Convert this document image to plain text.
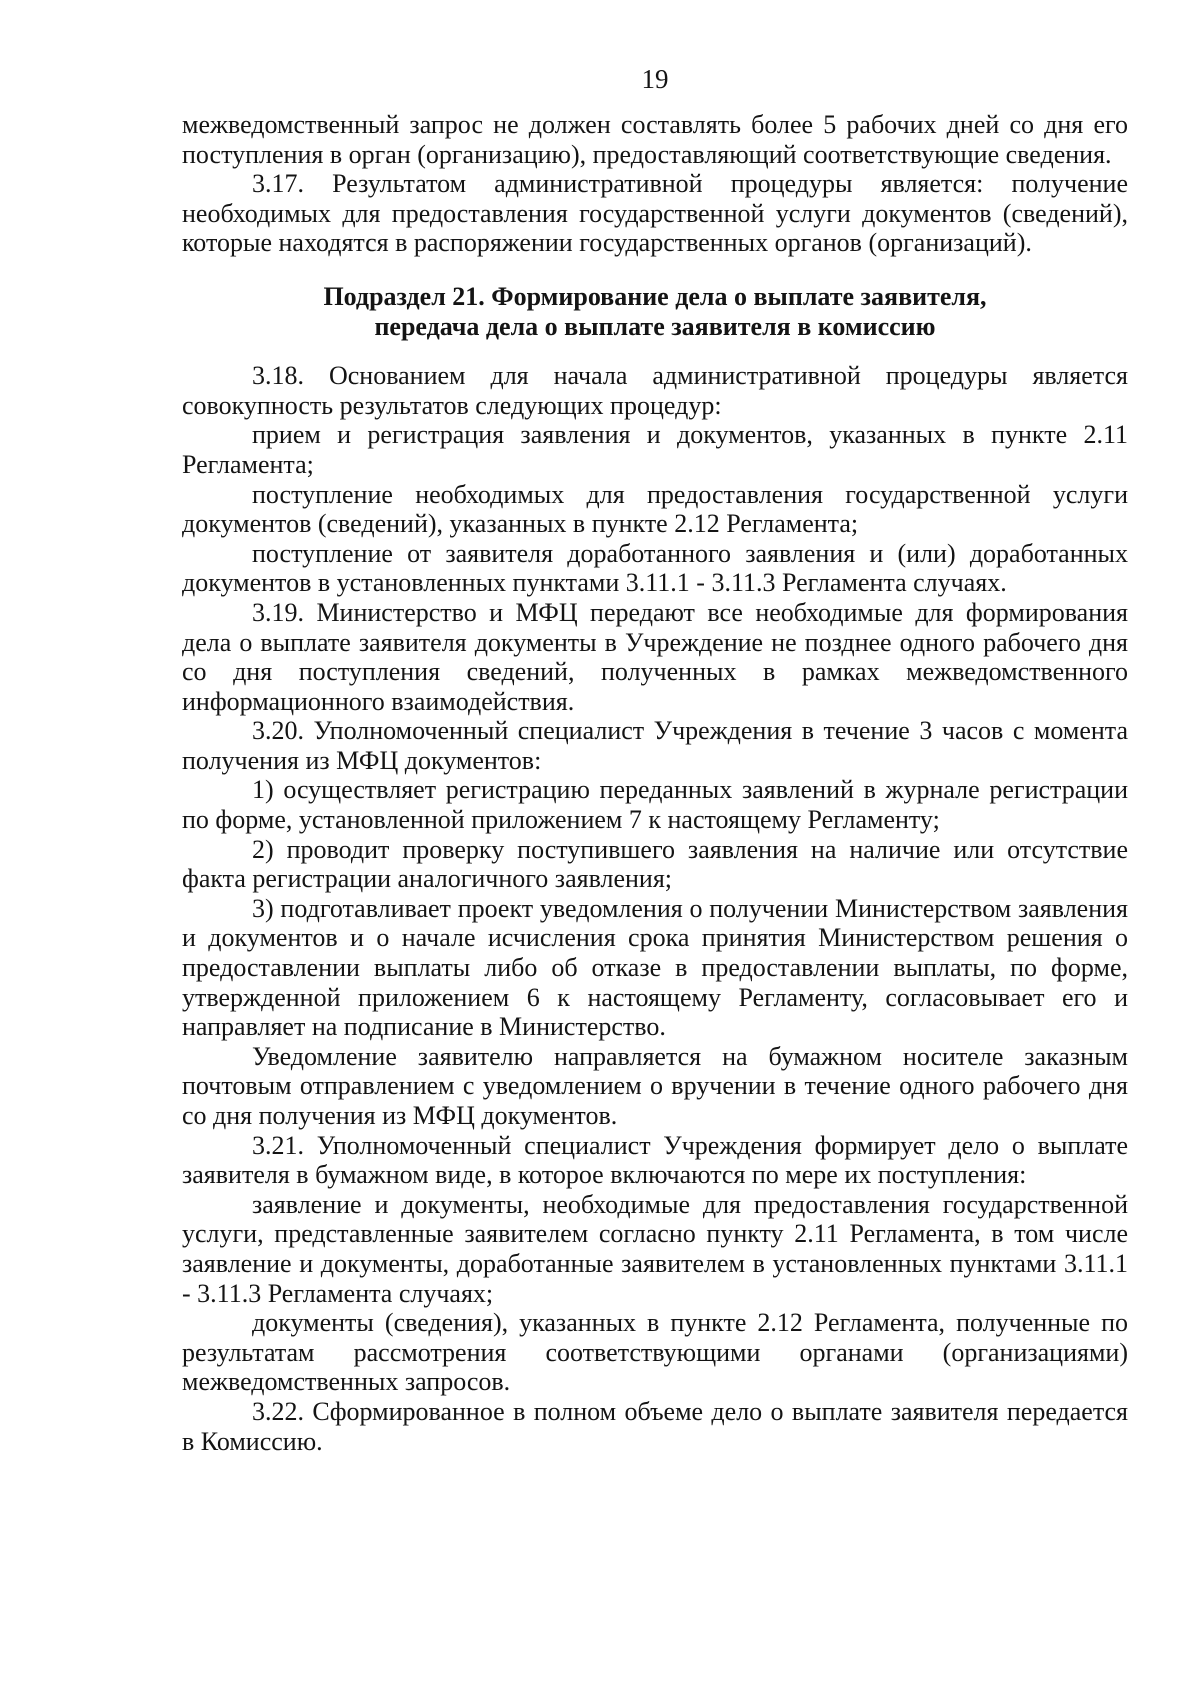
19

межведомственный запрос не должен составлять более 5 рабочих дней со дня его поступления в орган (организацию), предоставляющий соответствующие сведения.

3.17. Результатом административной процедуры является: получение необходимых для предоставления государственной услуги документов (сведений), которые находятся в распоряжении государственных органов (организаций).

Подраздел 21. Формирование дела о выплате заявителя,
передача дела о выплате заявителя в комиссию

3.18. Основанием для начала административной процедуры является совокупность результатов следующих процедур:

прием и регистрация заявления и документов, указанных в пункте 2.11 Регламента;

поступление необходимых для предоставления государственной услуги документов (сведений), указанных в пункте 2.12 Регламента;

поступление от заявителя доработанного заявления и (или) доработанных документов в установленных пунктами 3.11.1 - 3.11.3 Регламента случаях.

3.19. Министерство и МФЦ передают все необходимые для формирования дела о выплате заявителя документы в Учреждение не позднее одного рабочего дня со дня поступления сведений, полученных в рамках межведомственного информационного взаимодействия.

3.20. Уполномоченный специалист Учреждения в течение 3 часов с момента получения из МФЦ документов:

1) осуществляет регистрацию переданных заявлений в журнале регистрации по форме, установленной приложением 7 к настоящему Регламенту;

2) проводит проверку поступившего заявления на наличие или отсутствие факта регистрации аналогичного заявления;

3) подготавливает проект уведомления о получении Министерством заявления и документов и о начале исчисления срока принятия Министерством решения о предоставлении выплаты либо об отказе в предоставлении выплаты, по форме, утвержденной приложением 6 к настоящему Регламенту, согласовывает его и направляет на подписание в Министерство.

Уведомление заявителю направляется на бумажном носителе заказным почтовым отправлением с уведомлением о вручении в течение одного рабочего дня со дня получения из МФЦ документов.

3.21. Уполномоченный специалист Учреждения формирует дело о выплате заявителя в бумажном виде, в которое включаются по мере их поступления:

заявление и документы, необходимые для предоставления государственной услуги, представленные заявителем согласно пункту 2.11 Регламента, в том числе заявление и документы, доработанные заявителем в установленных пунктами 3.11.1 - 3.11.3 Регламента случаях;

документы (сведения), указанных в пункте 2.12 Регламента, полученные по результатам рассмотрения соответствующими органами (организациями) межведомственных запросов.

3.22. Сформированное в полном объеме дело о выплате заявителя передается в Комиссию.
